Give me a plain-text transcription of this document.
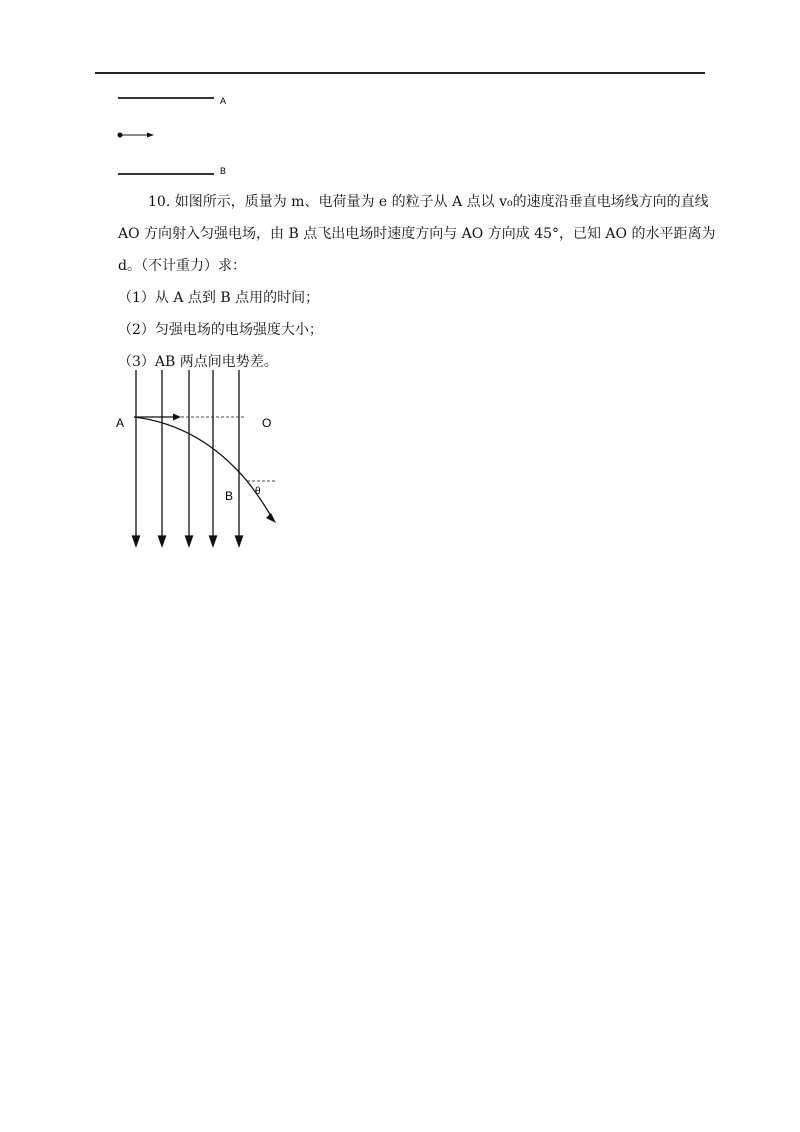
A
B
10. 如图所示，质量为 m、电荷量为 e 的粒子从 A 点以 v₀的速度沿垂直电场线方向的直线
AO 方向射入匀强电场，由 B 点飞出电场时速度方向与 AO 方向成 45°，已知 AO 的水平距离为
d。（不计重力）求：
（1）从 A 点到 B 点用的时间；
（2）匀强电场的电场强度大小；
（3）AB 两点间电势差。
A	O
B θ
